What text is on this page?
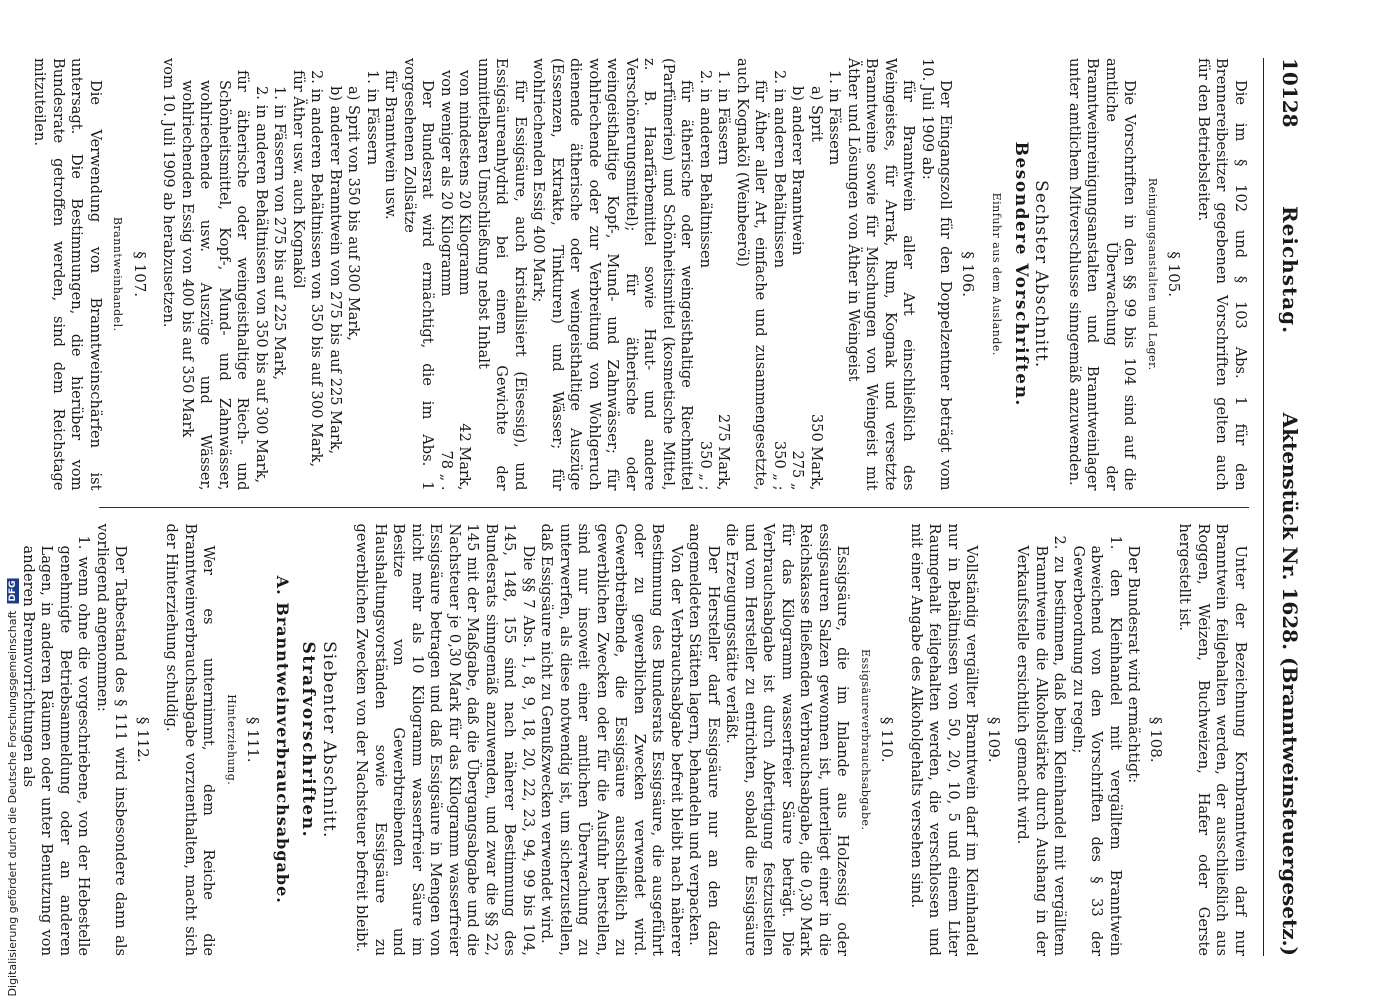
10128
Reichstag.
Aktenstück Nr. 1628. (Branntweinsteuergesetz.)

Die im § 102 und § 103 Abs. 1 für den Brennereibesitzer gegebenen Vorschriften gelten auch für den Betriebsleiter.

§ 105.
Reinigungsanstalten und Lager.

Die Vorschriften in den §§ 99 bis 104 sind auf die amtliche Überwachung der Branntweinreinigungsanstalten und Branntweinlager unter amtlichem Mitverschlusse sinngemäß anzuwenden.

Sechster Abschnitt.
Besondere Vorschriften.
Einfuhr aus dem Auslande.
§ 106.

Der Eingangszoll für den Doppelzentner beträgt vom 10. Juli 1909 ab:

für Branntwein aller Art einschließlich des Weingeistes, für Arrak, Rum, Kognak und versetzte Branntweine sowie für Mischungen von Weingeist mit Äther und Lösungen von Äther in Weingeist

1. in Fässern
a) Sprit
350 Mark,
b) anderer Branntwein
275 „
2. in anderen Behältnissen
350 „ ;

für Äther aller Art, einfache und zusammengesetzte, auch Kognaköl (Weinbeeröl)

1. in Fässern
275 Mark,
2. in anderen Behältnissen
350 „ ;

für ätherische oder weingeisthaltige Riechmittel (Parfümerien) und Schönheitsmittel (kosmetische Mittel, z. B. Haarfärbemittel sowie Haut- und andere Verschönerungsmittel); für ätherische oder weingeisthaltige Kopf-, Mund- und Zahnwässer; für wohlriechende oder zur Verbreitung von Wohlgeruch dienende ätherische oder weingeisthaltige Auszüge (Essenzen, Extrakte, Tinkturen) und Wässer; für wohlriechenden Essig 400 Mark;

für Essigsäure, auch kristallisiert (Eisessig), und Essigsäureanhydrid bei einem Gewichte der unmittelbaren Umschließung nebst Inhalt

von mindestens 20 Kilogramm
42 Mark,
von weniger als 20 Kilogramm
78 „ .

Der Bundesrat wird ermächtigt, die im Abs. 1 vorgesehenen Zollsätze

für Branntwein usw.
1. in Fässern
a) Sprit von 350 bis auf 300 Mark,
b) anderer Branntwein von 275 bis auf 225 Mark,
2. in anderen Behältnissen von 350 bis auf 300 Mark,
für Äther usw. auch Kognaköl
1. in Fässern von 275 bis auf 225 Mark,
2. in anderen Behältnissen von 350 bis auf 300 Mark,
für ätherische oder weingeisthaltige Riech- und Schönheitsmittel, Kopf-, Mund- und Zahnwässer, wohlriechende usw. Auszüge und Wässer, wohlriechenden Essig von 400 bis auf 350 Mark
vom 10. Juli 1909 ab herabzusetzen.
§ 107.
Branntweinhandel.

Die Verwendung von Branntweinschärfen ist untersagt. Die Bestimmungen, die hierüber vom Bundesrate getroffen werden, sind dem Reichstage mitzuteilen.

Unter der Bezeichnung Kornbranntwein darf nur Branntwein feilgehalten werden, der ausschließlich aus Roggen, Weizen, Buchweizen, Hafer oder Gerste hergestellt ist.

§ 108.

Der Bundesrat wird ermächtigt:

1. den Kleinhandel mit vergälltem Branntwein abweichend von den Vorschriften des § 33 der Gewerbeordnung zu regeln;
2. zu bestimmen, daß beim Kleinhandel mit vergälltem Branntweine die Alkoholstärke durch Aushang in der Verkaufsstelle ersichtlich gemacht wird.
§ 109.

Vollständig vergällter Branntwein darf im Kleinhandel nur in Behältnissen von 50, 20, 10, 5 und einem Liter Raumgehalt feilgehalten werden, die verschlossen und mit einer Angabe des Alkoholgehalts versehen sind.

§ 110.
Essigsäureverbrauchsabgabe.

Essigsäure, die im Inlande aus Holzessig oder essigsauren Salzen gewonnen ist, unterliegt einer in die Reichskasse fließenden Verbrauchsabgabe, die 0,30 Mark für das Kilogramm wasserfreier Säure beträgt. Die Verbrauchsabgabe ist durch Abfertigung festzustellen und vom Hersteller zu entrichten, sobald die Essigsäure die Erzeugungsstätte verläßt.

Der Hersteller darf Essigsäure nur an den dazu angemeldeten Stätten lagern, behandeln und verpacken.

Von der Verbrauchsabgabe befreit bleibt nach näherer Bestimmung des Bundesrats Essigsäure, die ausgeführt oder zu gewerblichen Zwecken verwendet wird. Gewerbtreibende, die Essigsäure ausschließlich zu gewerblichen Zwecken oder für die Ausfuhr herstellen, sind nur insoweit einer amtlichen Überwachung zu unterwerfen, als diese notwendig ist, um sicherzustellen, daß Essigsäure nicht zu Genußzwecken verwendet wird.

Die §§ 7 Abs. 1, 8, 9, 18, 20, 22, 23, 94, 99 bis 104, 145, 148, 155 sind nach näherer Bestimmung des Bundesrats sinngemäß anzuwenden, und zwar die §§ 22, 145 mit der Maßgabe, daß die Übergangsabgabe und die Nachsteuer je 0,30 Mark für das Kilogramm wasserfreier Essigsäure betragen und daß Essigsäure in Mengen von nicht mehr als 10 Kilogramm wasserfreier Säure im Besitze von Gewerbtreibenden und Haushaltungsvorständen sowie Essigsäure zu gewerblichen Zwecken von der Nachsteuer befreit bleibt.

Siebenter Abschnitt.
Strafvorschriften.
A. Branntweinverbrauchsabgabe.
§ 111.
Hinterziehung.

Wer es unternimmt, dem Reiche die Branntweinverbrauchsabgabe vorzuenthalten, macht sich der Hinterziehung schuldig.

§ 112.

Der Tatbestand des § 111 wird insbesondere dann als vorliegend angenommen:

1. wenn ohne die vorgeschriebene, von der Hebestelle genehmigte Betriebsanmeldung oder an anderen Lagen, in anderen Räumen oder unter Benutzung von anderen Brennvorrichtungen als
Digitalisierung gefördert durch die Deutsche Forschungsgemeinschaft DFG
